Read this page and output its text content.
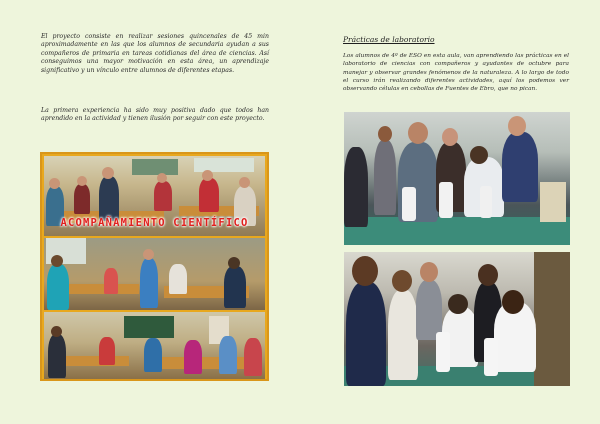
El proyecto consiste en realizar sesiones quincenales de 45 min aproximadamente en las que los alumnos de secundaria ayudan a sus compañeros de primaria en tareas cotidianas del área de ciencias. Así conseguimos una mayor motivación en esta área, un aprendizaje significativo y un vínculo entre alumnos de diferentes etapas.

La primera experiencia ha sido muy positiva dado que todos han aprendido en la actividad y tienen ilusión por seguir con este proyecto.

ACOMPAÑAMIENTO CIENTÍFICO

Prácticas de laboratorio

Los alumnos de 4º de ESO en esta aula, van aprendiendo las prácticas en el laboratorio de ciencias con compañeros y ayudantes de octubre para manejar y observar grandes fenómenos de la naturaleza. A lo largo de todo el curso irán realizando diferentes actividades, aquí los podemos ver observando células en cebollas de Fuentes de Ebro, que no pican.
